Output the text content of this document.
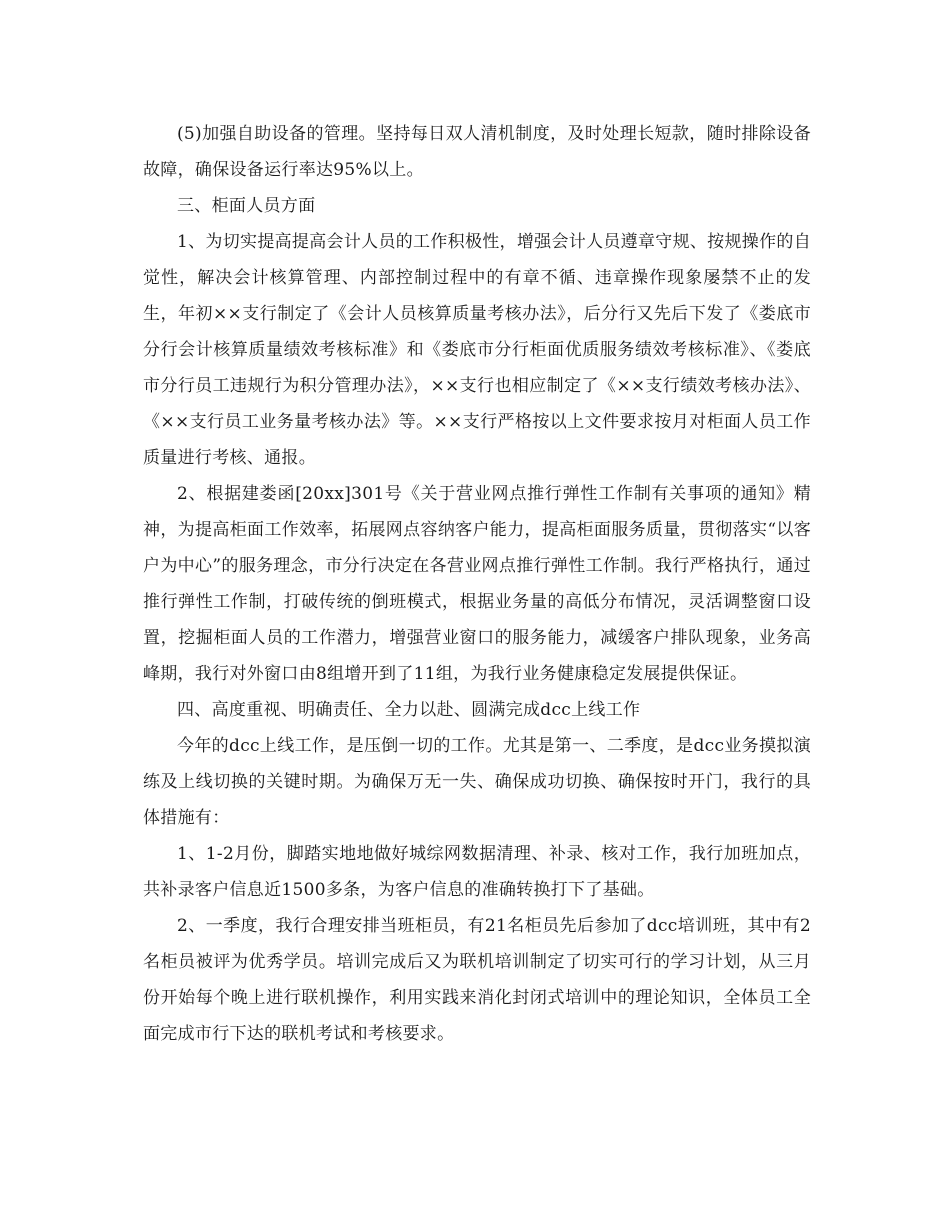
(5)加强自助设备的管理。坚持每日双人清机制度，及时处理长短款，随时排除设备故障，确保设备运行率达95%以上。

三、柜面人员方面

1、为切实提高提高会计人员的工作积极性，增强会计人员遵章守规、按规操作的自觉性，解决会计核算管理、内部控制过程中的有章不循、违章操作现象屡禁不止的发生，年初××支行制定了《会计人员核算质量考核办法》，后分行又先后下发了《娄底市分行会计核算质量绩效考核标准》和《娄底市分行柜面优质服务绩效考核标准》、《娄底市分行员工违规行为积分管理办法》，××支行也相应制定了《××支行绩效考核办法》、《××支行员工业务量考核办法》等。××支行严格按以上文件要求按月对柜面人员工作质量进行考核、通报。

2、根据建娄函[20xx]301号《关于营业网点推行弹性工作制有关事项的通知》精神，为提高柜面工作效率，拓展网点容纳客户能力，提高柜面服务质量，贯彻落实“以客户为中心”的服务理念，市分行决定在各营业网点推行弹性工作制。我行严格执行，通过推行弹性工作制，打破传统的倒班模式，根据业务量的高低分布情况，灵活调整窗口设置，挖掘柜面人员的工作潜力，增强营业窗口的服务能力，减缓客户排队现象，业务高峰期，我行对外窗口由8组增开到了11组，为我行业务健康稳定发展提供保证。

四、高度重视、明确责任、全力以赴、圆满完成dcc上线工作

今年的dcc上线工作，是压倒一切的工作。尤其是第一、二季度，是dcc业务摸拟演练及上线切换的关键时期。为确保万无一失、确保成功切换、确保按时开门，我行的具体措施有：

1、1-2月份，脚踏实地地做好城综网数据清理、补录、核对工作，我行加班加点，共补录客户信息近1500多条，为客户信息的准确转换打下了基础。

2、一季度，我行合理安排当班柜员，有21名柜员先后参加了dcc培训班，其中有2名柜员被评为优秀学员。培训完成后又为联机培训制定了切实可行的学习计划，从三月份开始每个晚上进行联机操作，利用实践来消化封闭式培训中的理论知识，全体员工全面完成市行下达的联机考试和考核要求。
